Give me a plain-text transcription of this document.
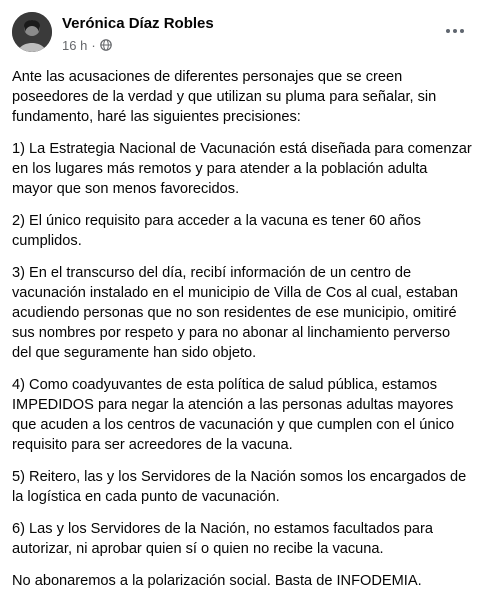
Verónica Díaz Robles
16 h ·

Ante las acusaciones de diferentes personajes que se creen
poseedores de la verdad y que utilizan su pluma para señalar, sin
fundamento, haré las siguientes precisiones:

1) La Estrategia Nacional de Vacunación está diseñada para comenzar
en los lugares más remotos y para atender a la población adulta
mayor que son menos favorecidos.

2) El único requisito para acceder a la vacuna es tener 60 años
cumplidos.

3) En el transcurso del día, recibí información de un centro de
vacunación instalado en el municipio de Villa de Cos al cual, estaban
acudiendo personas que no son residentes de ese municipio, omitiré
sus nombres por respeto y para no abonar al linchamiento perverso
del que seguramente han sido objeto.

4) Como coadyuvantes de esta política de salud pública, estamos
IMPEDIDOS para negar la atención a las personas adultas mayores
que acuden a los centros de vacunación y que cumplen con el único
requisito para ser acreedores de la vacuna.

5) Reitero, las y los Servidores de la Nación somos los encargados de
la logística en cada punto de vacunación.

6) Las y los Servidores de la Nación, no estamos facultados para
autorizar, ni aprobar quien sí o quien no recibe la vacuna.

No abonaremos a la polarización social. Basta de INFODEMIA.
